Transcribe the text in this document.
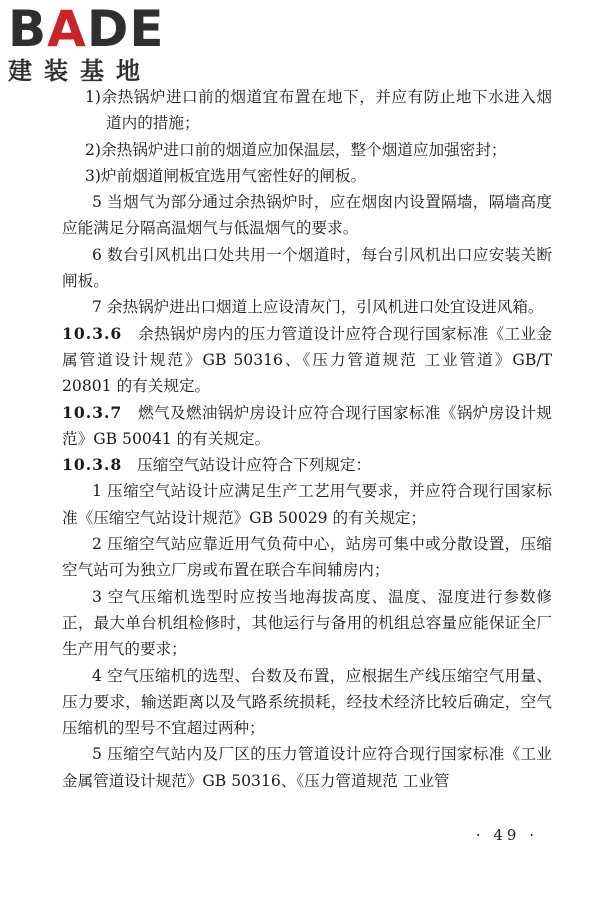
BADE
建装基地

1)余热锅炉进口前的烟道宜布置在地下，并应有防止地下水进入烟道内的措施；

2)余热锅炉进口前的烟道应加保温层，整个烟道应加强密封；

3)炉前烟道闸板宜选用气密性好的闸板。

5 当烟气为部分通过余热锅炉时，应在烟囱内设置隔墙，隔墙高度应能满足分隔高温烟气与低温烟气的要求。

6 数台引风机出口处共用一个烟道时，每台引风机出口应安装关断闸板。

7 余热锅炉进出口烟道上应设清灰门，引风机进口处宜设进风箱。

10.3.6 余热锅炉房内的压力管道设计应符合现行国家标准《工业金属管道设计规范》GB 50316、《压力管道规范 工业管道》GB/T 20801 的有关规定。

10.3.7 燃气及燃油锅炉房设计应符合现行国家标准《锅炉房设计规范》GB 50041 的有关规定。

10.3.8 压缩空气站设计应符合下列规定：

1 压缩空气站设计应满足生产工艺用气要求，并应符合现行国家标准《压缩空气站设计规范》GB 50029 的有关规定；

2 压缩空气站应靠近用气负荷中心，站房可集中或分散设置，压缩空气站可为独立厂房或布置在联合车间辅房内；

3 空气压缩机选型时应按当地海拔高度、温度、湿度进行参数修正，最大单台机组检修时，其他运行与备用的机组总容量应能保证全厂生产用气的要求；

4 空气压缩机的选型、台数及布置，应根据生产线压缩空气用量、压力要求，输送距离以及气路系统损耗，经技术经济比较后确定，空气压缩机的型号不宜超过两种；

5 压缩空气站内及厂区的压力管道设计应符合现行国家标准《工业金属管道设计规范》GB 50316、《压力管道规范 工业管

· 49 ·
